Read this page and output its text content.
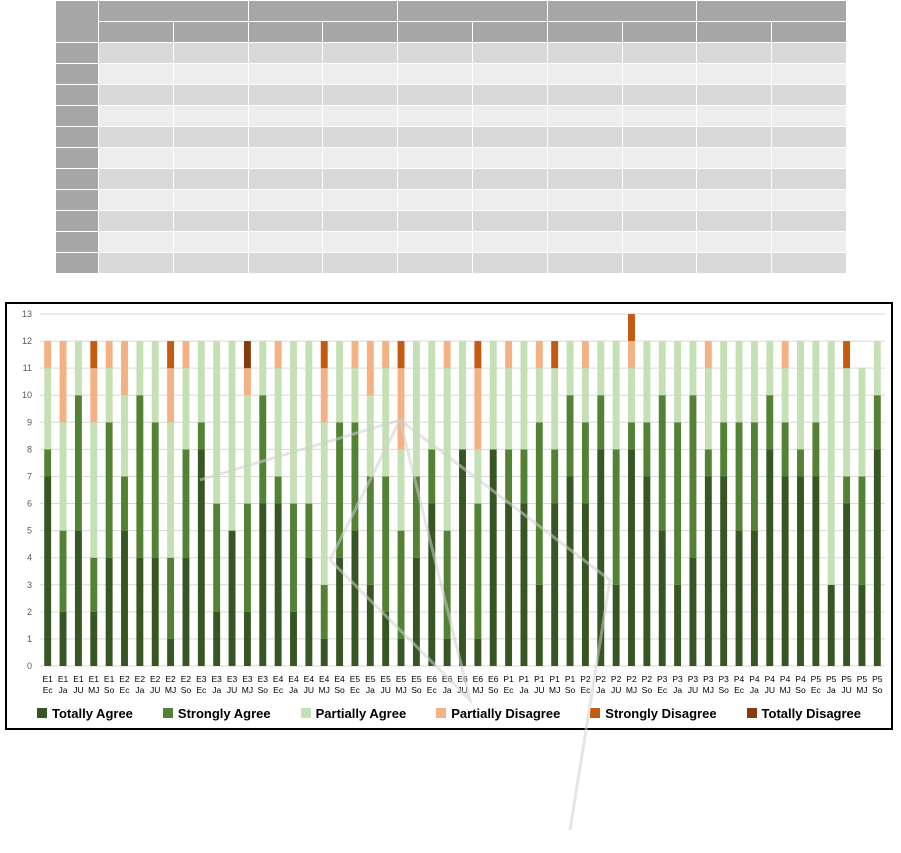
0
1
2
3
4
5
6
7
8
9
10
11
12
13
E1
Ec
E1
Ja
E1
JU
E1
MJ
E1
So
E2
Ec
E2
Ja
E2
JU
E2
MJ
E2
So
E3
Ec
E3
Ja
E3
JU
E3
MJ
E3
So
E4
Ec
E4
Ja
E4
JU
E4
MJ
E4
So
E5
Ec
E5
Ja
E5
JU
E5
MJ
E5
So
E6
Ec
E6
Ja
E6
JU
E6
MJ
E6
So
P1
Ec
P1
Ja
P1
JU
P1
MJ
P1
So
P2
Ec
P2
Ja
P2
JU
P2
MJ
P2
So
P3
Ec
P3
Ja
P3
JU
P3
MJ
P3
So
P4
Ec
P4
Ja
P4
JU
P4
MJ
P4
So
P5
Ec
P5
Ja
P5
JU
P5
MJ
P5
So
Totally Agree	Strongly Agree	Partially Agree	Partially Disagree	Strongly Disagree	Totally Disagree
